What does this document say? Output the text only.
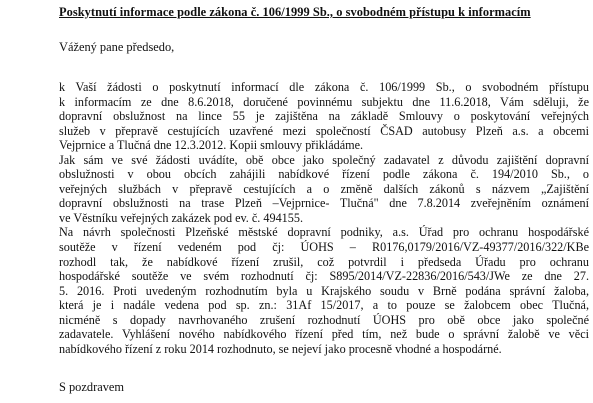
Poskytnutí informace podle zákona č. 106/1999 Sb., o svobodném přístupu k informacím
Vážený pane předsedo,
k Vaší žádosti o poskytnutí informací dle zákona č. 106/1999 Sb., o svobodném přístupu
k informacím ze dne 8.6.2018, doručené povinnému subjektu dne 11.6.2018, Vám sděluji, že
dopravní obslužnost na lince 55 je zajištěna na základě Smlouvy o poskytování veřejných
služeb v přepravě cestujících uzavřené mezi společností ČSAD autobusy Plzeň a.s. a obcemi
Vejprnice a Tlučná dne 12.3.2012. Kopii smlouvy přikládáme.
Jak sám ve své žádosti uvádíte, obě obce jako společný zadavatel z důvodu zajištění dopravní
obslužnosti v obou obcích zahájili nabídkové řízení podle zákona č. 194/2010 Sb., o
veřejných službách v přepravě cestujících a o změně dalších zákonů s názvem „Zajištění
dopravní obslužnosti na trase Plzeň –Vejprnice- Tlučná" dne 7.8.2014 zveřejněním oznámení
ve Věstníku veřejných zakázek pod ev. č. 494155.
Na návrh společnosti Plzeňské městské dopravní podniky, a.s. Úřad pro ochranu hospodářské
soutěže v řízení vedeném pod čj: ÚOHS – R0176,0179/2016/VZ-49377/2016/322/KBe
rozhodl tak, že nabídkové řízení zrušil, což potvrdil i předseda Úřadu pro ochranu
hospodářské soutěže ve svém rozhodnutí čj: S895/2014/VZ-22836/2016/543/JWe ze dne 27.
5. 2016. Proti uvedeným rozhodnutím byla u Krajského soudu v Brně podána správní žaloba,
která je i nadále vedena pod sp. zn.: 31Af 15/2017, a to pouze se žalobcem obec Tlučná,
nicméně s dopady navrhovaného zrušení rozhodnutí ÚOHS pro obě obce jako společné
zadavatele. Vyhlášení nového nabídkového řízení před tím, než bude o správní žalobě ve věci
nabídkového řízení z roku 2014 rozhodnuto, se nejeví jako procesně vhodné a hospodárné.
S pozdravem
